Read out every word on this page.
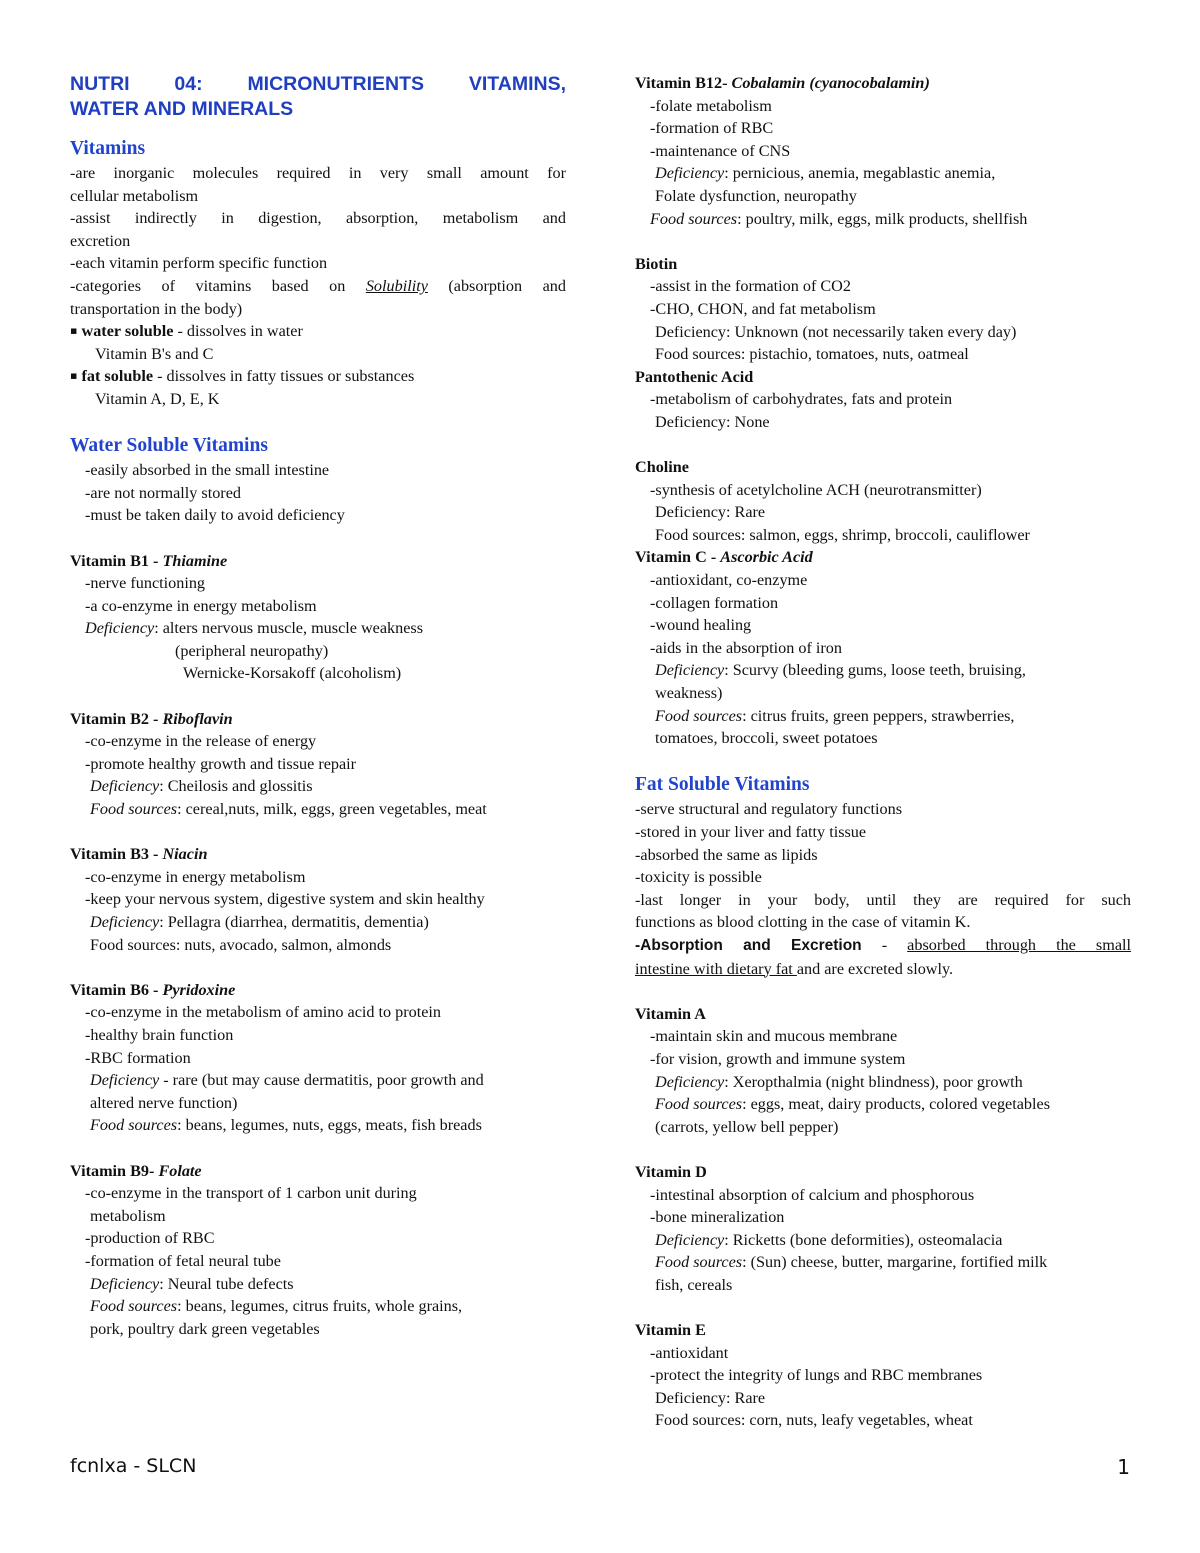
NUTRI 04: MICRONUTRIENTS VITAMINS,
WATER AND MINERALS
Vitamins

-are inorganic molecules required in very small amount for

cellular metabolism

-assist indirectly in digestion, absorption, metabolism and

excretion

-each vitamin perform specific function

-categories of vitamins based on Solubility (absorption and

transportation in the body)

▪ water soluble - dissolves in water

Vitamin B's and C

▪ fat soluble - dissolves in fatty tissues or substances

Vitamin A, D, E, K

Water Soluble Vitamins

-easily absorbed in the small intestine

-are not normally stored

-must be taken daily to avoid deficiency

Vitamin B1 - Thiamine

-nerve functioning

-a co-enzyme in energy metabolism

Deficiency: alters nervous muscle, muscle weakness

(peripheral neuropathy)

Wernicke-Korsakoff (alcoholism)

Vitamin B2 - Riboflavin

-co-enzyme in the release of energy

-promote healthy growth and tissue repair

Deficiency: Cheilosis and glossitis

Food sources: cereal,nuts, milk, eggs, green vegetables, meat

Vitamin B3 - Niacin

-co-enzyme in energy metabolism

-keep your nervous system, digestive system and skin healthy

Deficiency: Pellagra (diarrhea, dermatitis, dementia)

Food sources: nuts, avocado, salmon, almonds

Vitamin B6 - Pyridoxine

-co-enzyme in the metabolism of amino acid to protein

-healthy brain function

-RBC formation

Deficiency - rare (but may cause dermatitis, poor growth and

altered nerve function)

Food sources: beans, legumes, nuts, eggs, meats, fish breads

Vitamin B9- Folate

-co-enzyme in the transport of 1 carbon unit during

metabolism

-production of RBC

-formation of fetal neural tube

Deficiency: Neural tube defects

Food sources: beans, legumes, citrus fruits, whole grains,

pork, poultry dark green vegetables

Vitamin B12- Cobalamin (cyanocobalamin)

-folate metabolism

-formation of RBC

-maintenance of CNS

Deficiency: pernicious, anemia, megablastic anemia,

Folate dysfunction, neuropathy

Food sources: poultry, milk, eggs, milk products, shellfish

Biotin

-assist in the formation of CO2

-CHO, CHON, and fat metabolism

Deficiency: Unknown (not necessarily taken every day)

Food sources: pistachio, tomatoes, nuts, oatmeal

Pantothenic Acid

-metabolism of carbohydrates, fats and protein

Deficiency: None

Choline

-synthesis of acetylcholine ACH (neurotransmitter)

Deficiency: Rare

Food sources: salmon, eggs, shrimp, broccoli, cauliflower

Vitamin C - Ascorbic Acid

-antioxidant, co-enzyme

-collagen formation

-wound healing

-aids in the absorption of iron

Deficiency: Scurvy (bleeding gums, loose teeth, bruising,

weakness)

Food sources: citrus fruits, green peppers, strawberries,

tomatoes, broccoli, sweet potatoes

Fat Soluble Vitamins

-serve structural and regulatory functions

-stored in your liver and fatty tissue

-absorbed the same as lipids

-toxicity is possible

-last longer in your body, until they are required for such

functions as blood clotting in the case of vitamin K.

-Absorption and Excretion - absorbed through the small

intestine with dietary fat and are excreted slowly.

Vitamin A

-maintain skin and mucous membrane

-for vision, growth and immune system

Deficiency: Xeropthalmia (night blindness), poor growth

Food sources: eggs, meat, dairy products, colored vegetables

(carrots, yellow bell pepper)

Vitamin D

-intestinal absorption of calcium and phosphorous

-bone mineralization

Deficiency: Ricketts (bone deformities), osteomalacia

Food sources: (Sun) cheese, butter, margarine, fortified milk

fish, cereals

Vitamin E

-antioxidant

-protect the integrity of lungs and RBC membranes

Deficiency: Rare

Food sources: corn, nuts, leafy vegetables, wheat

fcnlxa - SLCN	1
